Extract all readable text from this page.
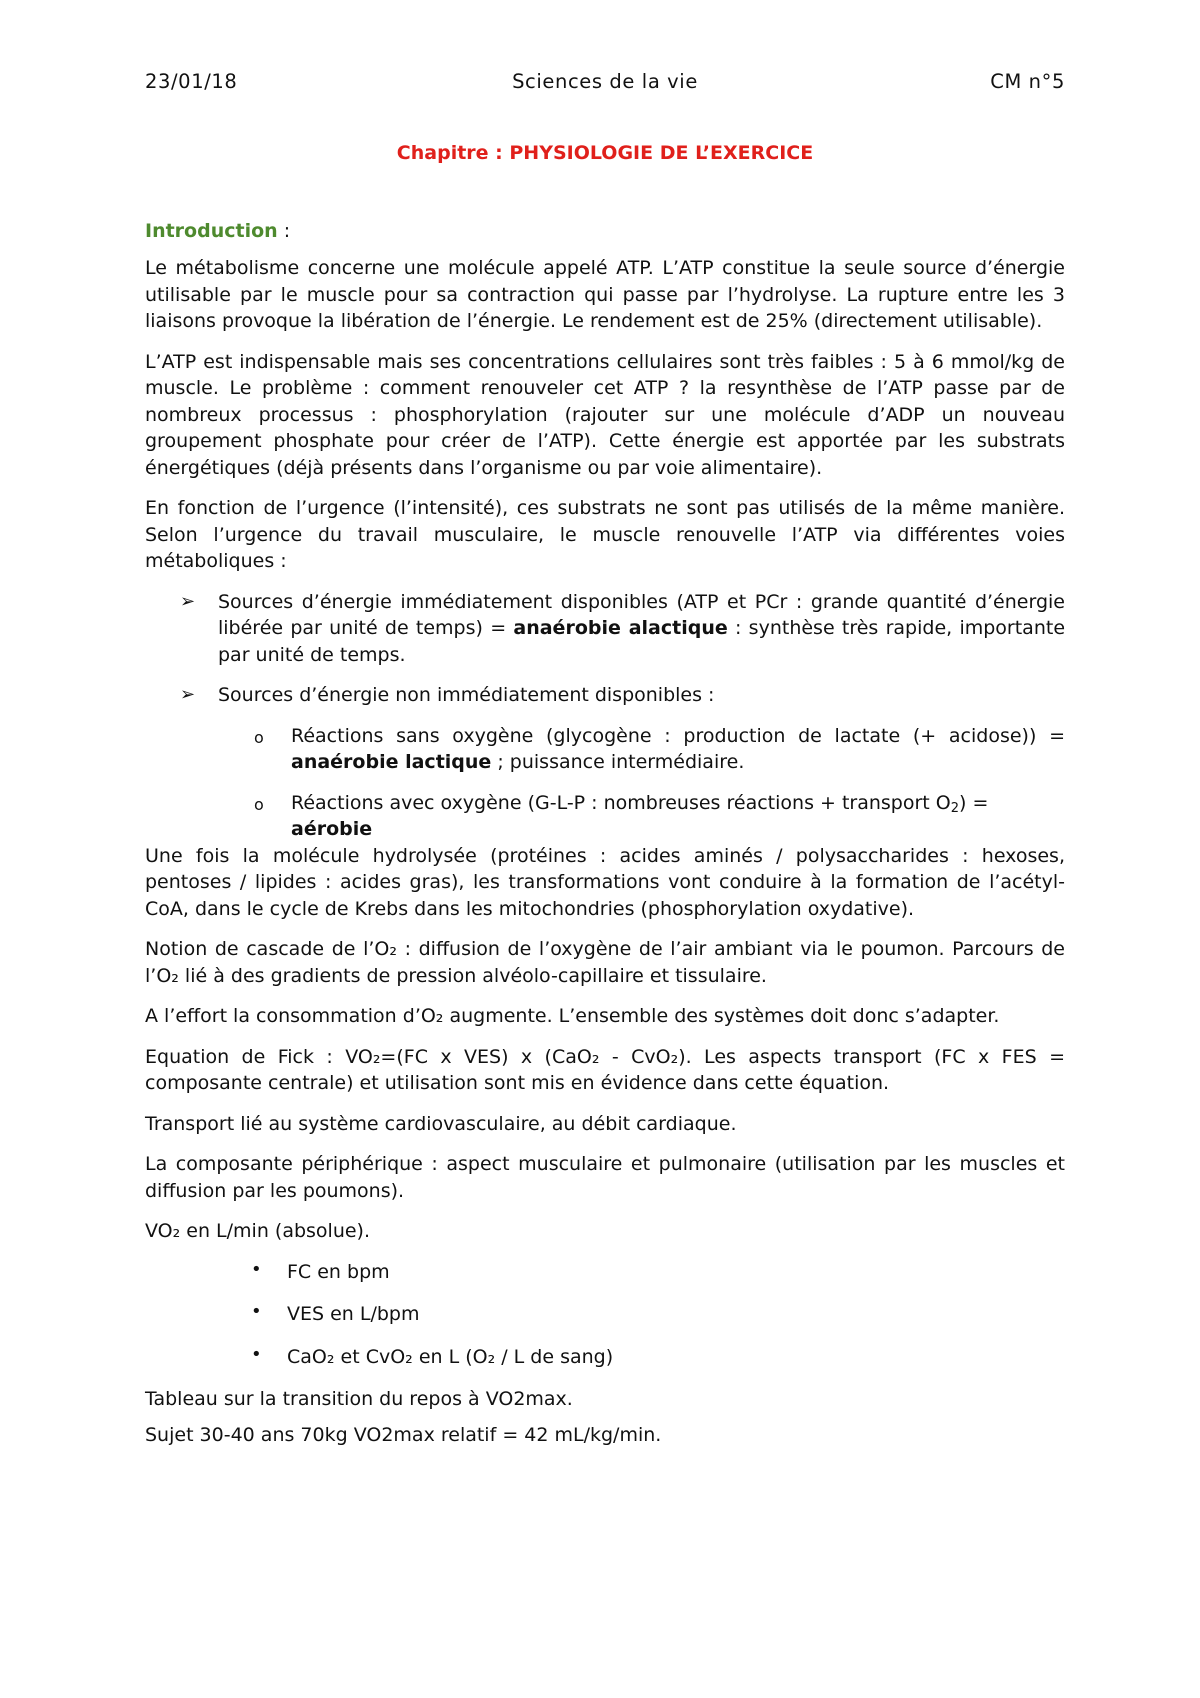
23/01/18	Sciences de la vie	CM n°5
Chapitre : PHYSIOLOGIE DE L’EXERCICE
Introduction :

Le métabolisme concerne une molécule appelé ATP. L’ATP constitue la seule source d’énergie utilisable par le muscle pour sa contraction qui passe par l’hydrolyse. La rupture entre les 3 liaisons provoque la libération de l’énergie. Le rendement est de 25% (directement utilisable).

L’ATP est indispensable mais ses concentrations cellulaires sont très faibles : 5 à 6 mmol/kg de muscle. Le problème : comment renouveler cet ATP ? la resynthèse de l’ATP passe par de nombreux processus : phosphorylation (rajouter sur une molécule d’ADP un nouveau groupement phosphate pour créer de l’ATP). Cette énergie est apportée par les substrats énergétiques (déjà présents dans l’organisme ou par voie alimentaire).

En fonction de l’urgence (l’intensité), ces substrats ne sont pas utilisés de la même manière. Selon l’urgence du travail musculaire, le muscle renouvelle l’ATP via différentes voies métaboliques :

➢ Sources d’énergie immédiatement disponibles (ATP et PCr : grande quantité d’énergie libérée par unité de temps) = anaérobie alactique : synthèse très rapide, importante par unité de temps.
➢ Sources d’énergie non immédiatement disponibles :
o Réactions sans oxygène (glycogène : production de lactate (+ acidose)) = anaérobie lactique ; puissance intermédiaire.
o Réactions avec oxygène (G-L-P : nombreuses réactions + transport $O_2$) =
aérobie

Une fois la molécule hydrolysée (protéines : acides aminés / polysaccharides : hexoses, pentoses / lipides : acides gras), les transformations vont conduire à la formation de l’acétyl-CoA, dans le cycle de Krebs dans les mitochondries (phosphorylation oxydative).

Notion de cascade de l’O₂ : diffusion de l’oxygène de l’air ambiant via le poumon. Parcours de l’O₂ lié à des gradients de pression alvéolo-capillaire et tissulaire.

A l’effort la consommation d’O₂ augmente. L’ensemble des systèmes doit donc s’adapter.

Equation de Fick : VO₂=(FC x VES) x (CaO₂ - CvO₂). Les aspects transport (FC x FES = composante centrale) et utilisation sont mis en évidence dans cette équation.

Transport lié au système cardiovasculaire, au débit cardiaque.

La composante périphérique : aspect musculaire et pulmonaire (utilisation par les muscles et diffusion par les poumons).

VO₂ en L/min (absolue).

• FC en bpm
• VES en L/bpm
• CaO₂ et CvO₂ en L (O₂ / L de sang)

Tableau sur la transition du repos à VO2max.

Sujet 30-40 ans 70kg VO2max relatif = 42 mL/kg/min.
